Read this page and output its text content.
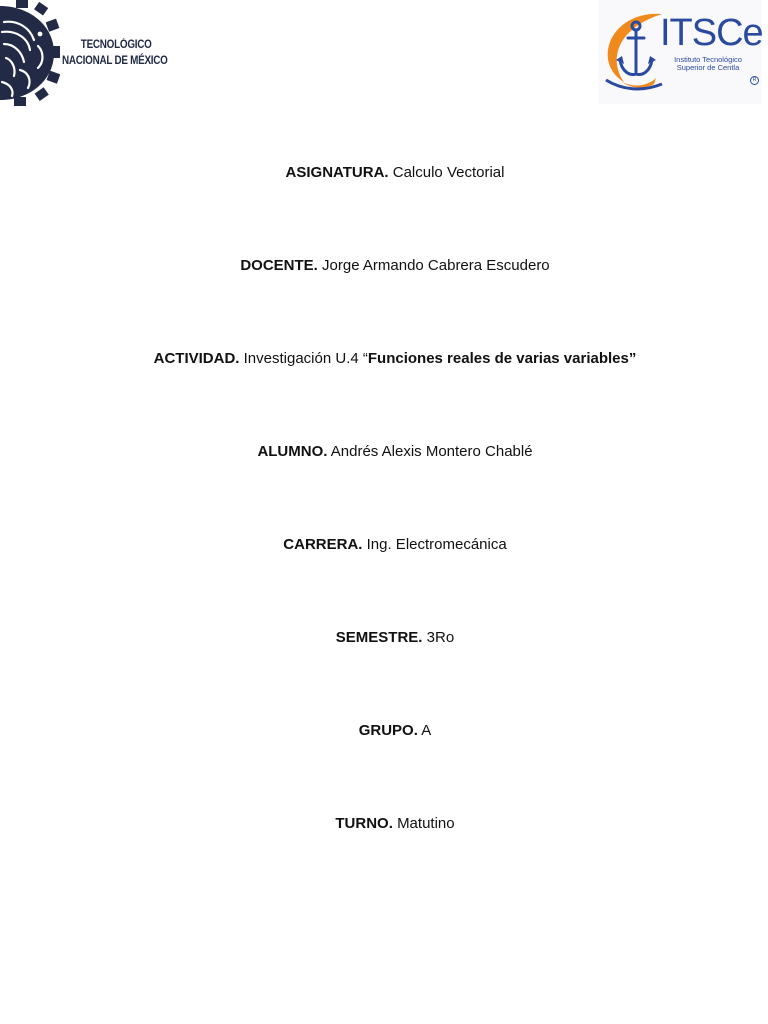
TECNOLÓGICO
NACIONAL DE MÉXICO
ITSCe
Instituto Tecnológico
Superior de Centla
R
ASIGNATURA. Calculo Vectorial
DOCENTE. Jorge Armando Cabrera Escudero
ACTIVIDAD. Investigación U.4 “Funciones reales de varias variables”
ALUMNO. Andrés Alexis Montero Chablé
CARRERA. Ing. Electromecánica
SEMESTRE. 3Ro
GRUPO. A
TURNO. Matutino
